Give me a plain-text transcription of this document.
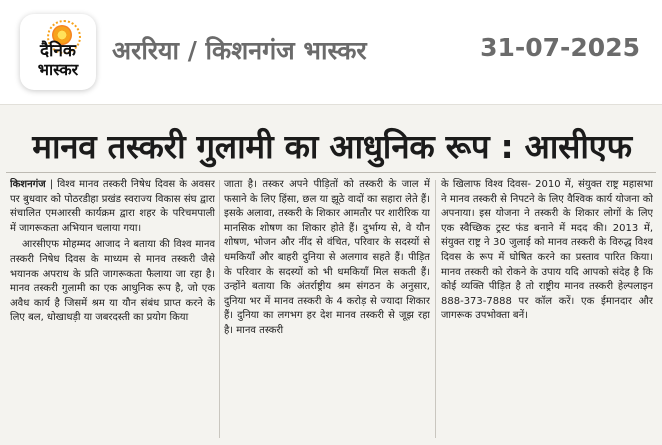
दैनिक
भास्कर
अररिया / किशनगंज भास्कर	31-07-2025
मानव तस्करी गुलामी का आधुनिक रूप : आसीएफ

किशनगंज | विश्व मानव तस्करी निषेध दिवस के अवसर पर बुधवार को पोठरडीहा प्रखंड स्वराज्य विकास संघ द्वारा संचालित एमआरसी कार्यक्रम द्वारा शहर के परिचमपाली में जागरूकता अभियान चलाया गया।

आरसीएफ मोहम्मद आजाद ने बताया की विश्व मानव तस्करी निषेध दिवस के माध्यम से मानव तस्करी जैसे भयानक अपराध के प्रति जागरूकता फैलाया जा रहा है। मानव तस्करी गुलामी का एक आधुनिक रूप है, जो एक अवैध कार्य है जिसमें श्रम या यौन संबंध प्राप्त करने के लिए बल, धोखाधड़ी या जबरदस्ती का प्रयोग किया

जाता है। तस्कर अपने पीड़ितों को तस्करी के जाल में फसाने के लिए हिंसा, छल या झूठे वादों का सहारा लेते हैं। इसके अलावा, तस्करी के शिकार आमतौर पर शारीरिक या मानसिक शोषण का शिकार होते हैं। दुर्भाग्य से, वे यौन शोषण, भोजन और नींद से वंचित, परिवार के सदस्यों से धमकियाँ और बाहरी दुनिया से अलगाव सहते हैं। पीड़ित के परिवार के सदस्यों को भी धमकियाँ मिल सकती हैं। उन्होंने बताया कि अंतर्राष्ट्रीय श्रम संगठन के अनुसार, दुनिया भर में मानव तस्करी के 4 करोड़ से ज्यादा शिकार हैं। दुनिया का लगभग हर देश मानव तस्करी से जूझ रहा है। मानव तस्करी

के खिलाफ विश्व दिवस- 2010 में, संयुक्त राष्ट्र महासभा ने मानव तस्करी से निपटने के लिए वैश्विक कार्य योजना को अपनाया। इस योजना ने तस्करी के शिकार लोगों के लिए एक स्वैच्छिक ट्रस्ट फंड बनाने में मदद की। 2013 में, संयुक्त राष्ट्र ने 30 जुलाई को मानव तस्करी के विरुद्ध विश्व दिवस के रूप में घोषित करने का प्रस्ताव पारित किया। मानव तस्करी को रोकने के उपाय यदि आपको संदेह है कि कोई व्यक्ति पीड़ित है तो राष्ट्रीय मानव तस्करी हेल्पलाइन 888-373-7888 पर कॉल करें। एक ईमानदार और जागरूक उपभोक्ता बनें।
